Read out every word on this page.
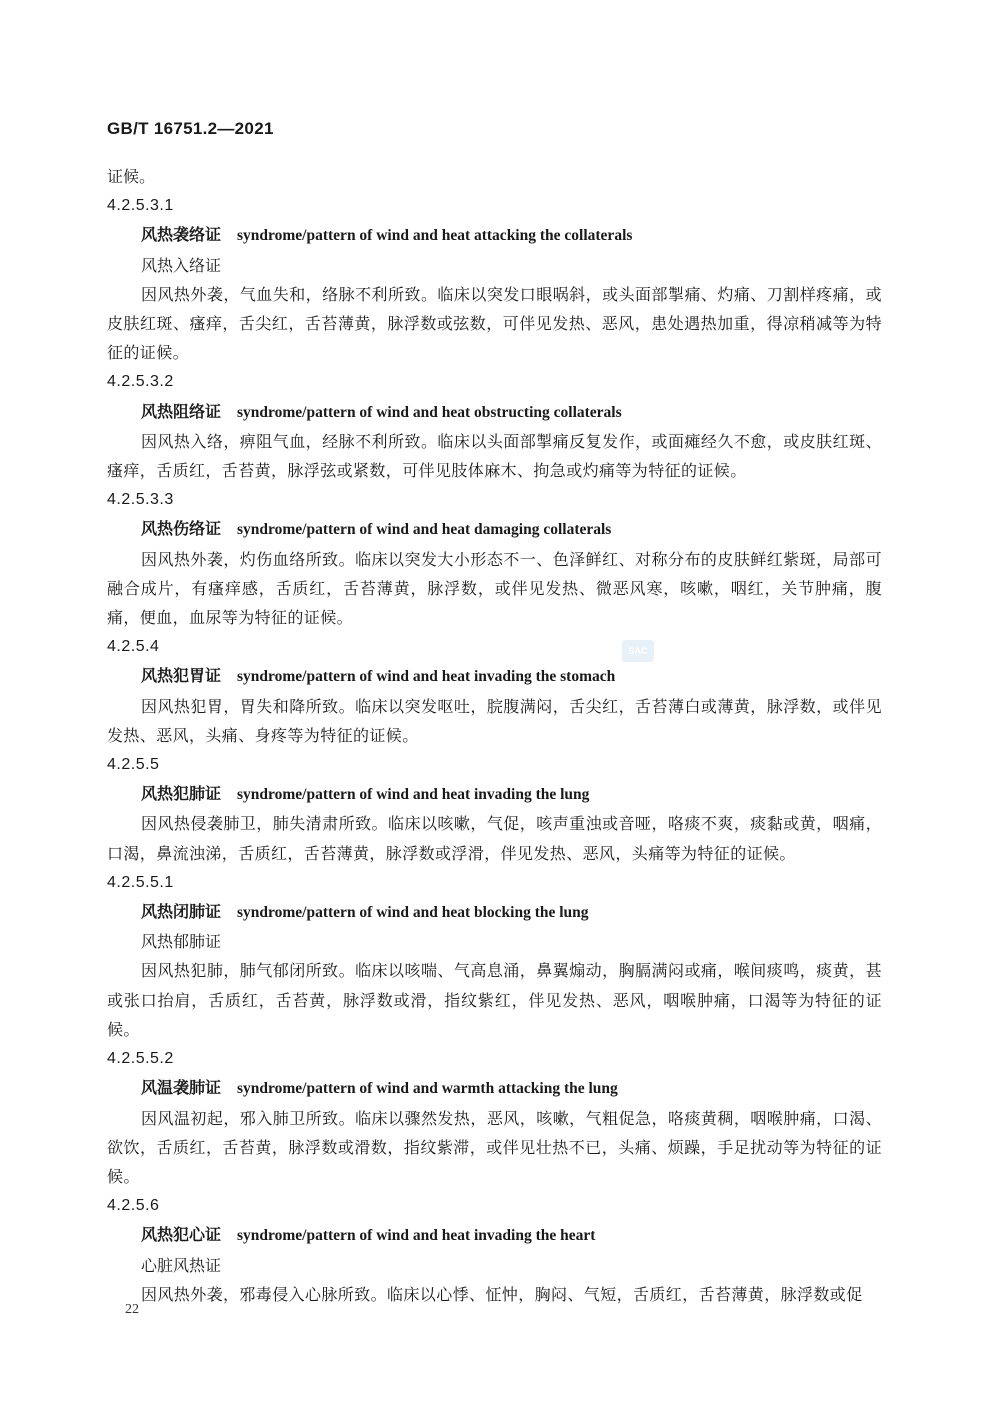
GB/T 16751.2—2021
证候。
4.2.5.3.1
风热袭络证 syndrome/pattern of wind and heat attacking the collaterals
风热入络证

因风热外袭，气血失和，络脉不利所致。临床以突发口眼㖞斜，或头面部掣痛、灼痛、刀割样疼痛，或皮肤红斑、瘙痒，舌尖红，舌苔薄黄，脉浮数或弦数，可伴见发热、恶风，患处遇热加重，得凉稍减等为特征的证候。

4.2.5.3.2
风热阻络证 syndrome/pattern of wind and heat obstructing collaterals

因风热入络，痹阻气血，经脉不利所致。临床以头面部掣痛反复发作，或面瘫经久不愈，或皮肤红斑、瘙痒，舌质红，舌苔黄，脉浮弦或紧数，可伴见肢体麻木、拘急或灼痛等为特征的证候。

4.2.5.3.3
风热伤络证 syndrome/pattern of wind and heat damaging collaterals

因风热外袭，灼伤血络所致。临床以突发大小形态不一、色泽鲜红、对称分布的皮肤鲜红紫斑，局部可融合成片，有瘙痒感，舌质红，舌苔薄黄，脉浮数，或伴见发热、微恶风寒，咳嗽，咽红，关节肿痛，腹痛，便血，血尿等为特征的证候。

4.2.5.4
风热犯胃证 syndrome/pattern of wind and heat invading the stomach

因风热犯胃，胃失和降所致。临床以突发呕吐，脘腹满闷，舌尖红，舌苔薄白或薄黄，脉浮数，或伴见发热、恶风，头痛、身疼等为特征的证候。

4.2.5.5
风热犯肺证 syndrome/pattern of wind and heat invading the lung

因风热侵袭肺卫，肺失清肃所致。临床以咳嗽，气促，咳声重浊或音哑，咯痰不爽，痰黏或黄，咽痛，口渴，鼻流浊涕，舌质红，舌苔薄黄，脉浮数或浮滑，伴见发热、恶风，头痛等为特征的证候。

4.2.5.5.1
风热闭肺证 syndrome/pattern of wind and heat blocking the lung
风热郁肺证

因风热犯肺，肺气郁闭所致。临床以咳喘、气高息涌，鼻翼煽动，胸膈满闷或痛，喉间痰鸣，痰黄，甚或张口抬肩，舌质红，舌苔黄，脉浮数或滑，指纹紫红，伴见发热、恶风，咽喉肿痛，口渴等为特征的证候。

4.2.5.5.2
风温袭肺证 syndrome/pattern of wind and warmth attacking the lung

因风温初起，邪入肺卫所致。临床以骤然发热，恶风，咳嗽，气粗促急，咯痰黄稠，咽喉肿痛，口渴、欲饮，舌质红，舌苔黄，脉浮数或滑数，指纹紫滞，或伴见壮热不已，头痛、烦躁，手足扰动等为特征的证候。

4.2.5.6
风热犯心证 syndrome/pattern of wind and heat invading the heart
心脏风热证

因风热外袭，邪毒侵入心脉所致。临床以心悸、怔忡，胸闷、气短，舌质红，舌苔薄黄，脉浮数或促

SAC
22
